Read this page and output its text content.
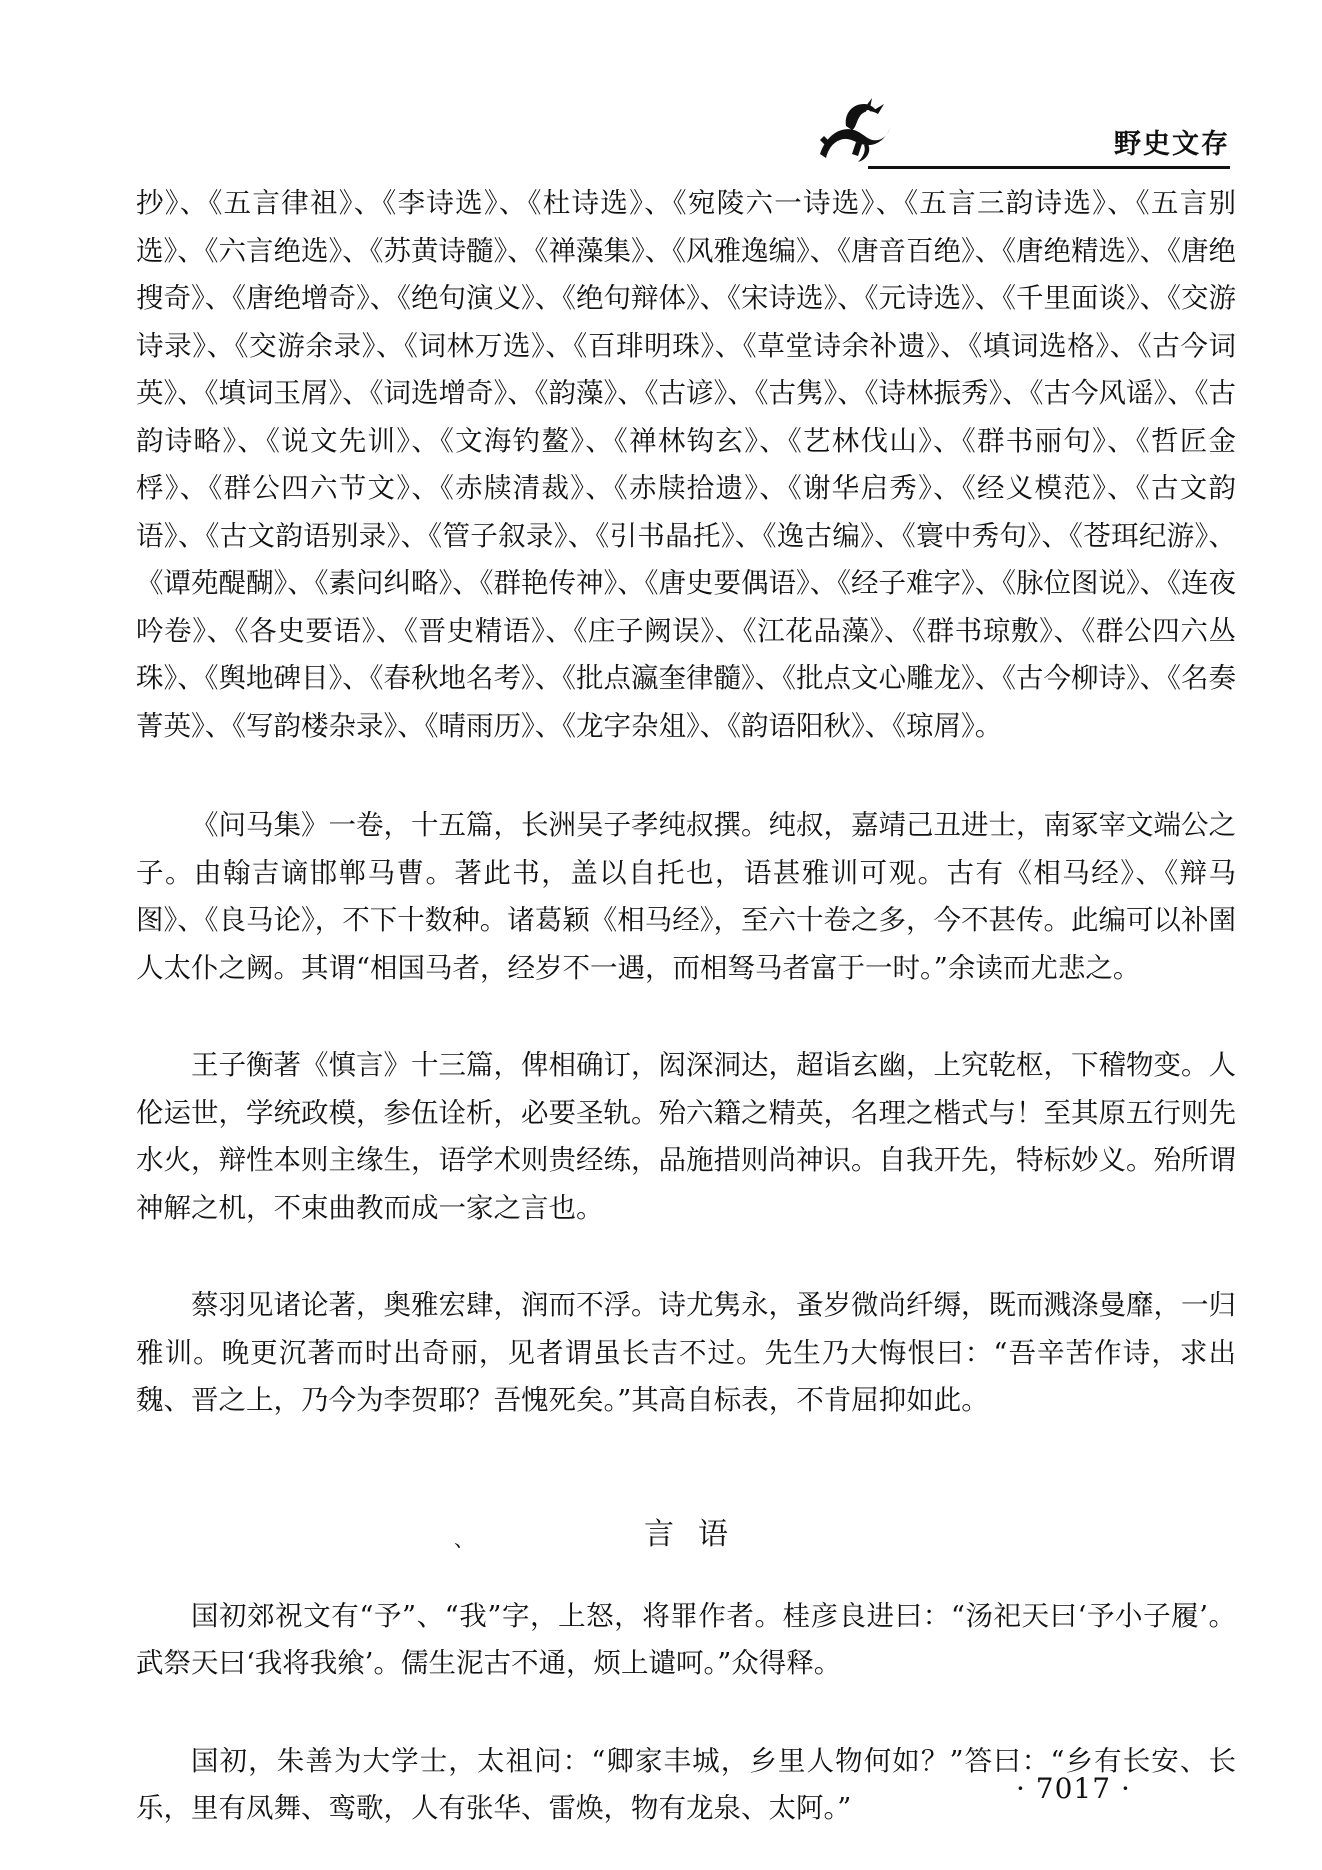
野史文存

抄》、《五言律祖》、《李诗选》、《杜诗选》、《宛陵六一诗选》、《五言三韵诗选》、《五言别选》、《六言绝选》、《苏黄诗髓》、《禅藻集》、《风雅逸编》、《唐音百绝》、《唐绝精选》、《唐绝搜奇》、《唐绝增奇》、《绝句演义》、《绝句辩体》、《宋诗选》、《元诗选》、《千里面谈》、《交游诗录》、《交游余录》、《词林万选》、《百琲明珠》、《草堂诗余补遗》、《填词选格》、《古今词英》、《填词玉屑》、《词选增奇》、《韵藻》、《古谚》、《古隽》、《诗林振秀》、《古今风谣》、《古韵诗略》、《说文先训》、《文海钓鳌》、《禅林钩玄》、《艺林伐山》、《群书丽句》、《哲匠金桴》、《群公四六节文》、《赤牍清裁》、《赤牍拾遗》、《谢华启秀》、《经义模范》、《古文韵语》、《古文韵语别录》、《管子叙录》、《引书晶托》、《逸古编》、《寰中秀句》、《苍珥纪游》、《谭苑醍醐》、《素问纠略》、《群艳传神》、《唐史要偶语》、《经子难字》、《脉位图说》、《连夜吟卷》、《各史要语》、《晋史精语》、《庄子阙误》、《江花品藻》、《群书琼敷》、《群公四六丛珠》、《舆地碑目》、《春秋地名考》、《批点瀛奎律髓》、《批点文心雕龙》、《古今柳诗》、《名奏菁英》、《写韵楼杂录》、《晴雨历》、《龙字杂俎》、《韵语阳秋》、《琼屑》。

《问马集》一卷，十五篇，长洲吴子孝纯叔撰。纯叔，嘉靖己丑进士，南冢宰文端公之子。由翰吉谪邯郸马曹。著此书，盖以自托也，语甚雅训可观。古有《相马经》、《辩马图》、《良马论》，不下十数种。诸葛颖《相马经》，至六十卷之多，今不甚传。此编可以补圉人太仆之阙。其谓“相国马者，经岁不一遇，而相驽马者富于一时。”余读而尤悲之。

王子衡著《慎言》十三篇，俾相确订，闳深洞达，超诣玄幽，上究乾枢，下稽物变。人伦运世，学统政模，参伍诠析，必要圣轨。殆六籍之精英，名理之楷式与！至其原五行则先水火，辩性本则主缘生，语学术则贵经练，品施措则尚神识。自我开先，特标妙义。殆所谓神解之机，不束曲教而成一家之言也。

蔡羽见诸论著，奥雅宏肆，润而不浮。诗尤隽永，蚤岁微尚纤缛，既而溅涤曼靡，一归雅训。晚更沉著而时出奇丽，见者谓虽长吉不过。先生乃大悔恨曰：“吾辛苦作诗，求出魏、晋之上，乃今为李贺耶？吾愧死矣。”其高自标表，不肯屈抑如此。

、	言语

国初郊祝文有“予”、“我”字，上怒，将罪作者。桂彦良进曰：“汤祀天曰‘予小子履’。武祭天曰‘我将我飨’。儒生泥古不通，烦上谴呵。”众得释。

国初，朱善为大学士，太祖问：“卿家丰城，乡里人物何如？”答曰：“乡有长安、长乐，里有凤舞、鸾歌，人有张华、雷焕，物有龙泉、太阿。”

· 7017 ·
